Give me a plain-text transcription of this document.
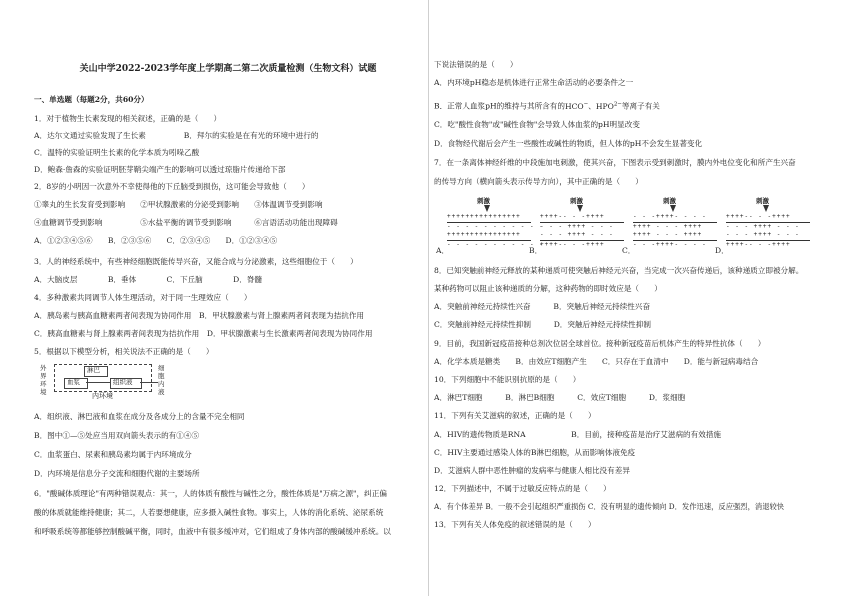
关山中学2022-2023学年度上学期高二第二次质量检测（生物文科）试题
一、单选题（每题2分，共60分）
1．对于植物生长素发现的相关叙述，正确的是（　　）
A．达尔文通过实验发现了生长素　　　　　B．拜尔的实验是在有光的环境中进行的
C．温特的实验证明生长素的化学本质为吲哚乙酸
D．鲍森·詹森的实验证明胚芽鞘尖端产生的影响可以透过琼脂片传递给下部
2．8岁的小明因一次意外不幸使得他的下丘脑受到损伤，这可能会导致他（　　）
①睾丸的生长发育受到影响　　②甲状腺激素的分泌受到影响　　③体温调节受到影响
④血糖调节受到影响　　　　　⑤水盐平衡的调节受到影响　　　⑥言语活动功能出现障碍
A．①②③④⑤⑥　　B．②③⑤⑥　　C．②③④⑤　　D．①②③④⑤
3．人的神经系统中，有些神经细胞既能传导兴奋，又能合成与分泌激素，这些细胞位于（　　）
A．大脑皮层　　　　B．垂体　　　　C．下丘脑　　　　D．脊髓
4．多种激素共同调节人体生理活动，对于同一生理效应（　　）
A．胰岛素与胰高血糖素两者间表现为协同作用　B．甲状腺激素与肾上腺素两者间表现为拮抗作用
C．胰高血糖素与肾上腺素两者间表现为拮抗作用　D．甲状腺激素与生长激素两者间表现为协同作用
5．根据以下模型分析，相关说法不正确的是（　　）
A．组织液、淋巴液和血浆在成分及各成分上的含量不完全相同
B．图中①—⑤处应当用双向箭头表示的有①④⑤
C．血浆蛋白、尿素和胰岛素均属于内环境成分
D．内环境是信息分子交流和细胞代谢的主要场所
6．"酸碱体质理论"有两种错误观点：其一，人的体质有酸性与碱性之分，酸性体质是"万病之源"，纠正偏
酸的体质就能维持健康；其二，人若要想健康，应多摄入碱性食物。事实上，人体的消化系统、泌尿系统
和呼吸系统等都能够控制酸碱平衡，同时，血液中有很多缓冲对，它们组成了身体内部的酸碱缓冲系统。以
外界环境
淋巴
血浆	组织液
内环境
细胞内液
下说法错误的是（　　）
A．内环境pH稳态是机体进行正常生命活动的必要条件之一
B．正常人血浆pH的维持与其所含有的HCO−、$HPO^{2-}$等离子有关
C．吃"酸性食物"或"碱性食物"会导致人体血浆的pH明显改变
D．食物经代谢后会产生一些酸性或碱性的物质，但人体的pH不会发生显著变化
7．在一条离体神经纤维的中段施加电刺激，使其兴奋，下图表示受到刺激时，膜内外电位变化和所产生兴奋
的传导方向（横向箭头表示传导方向），其中正确的是（　　）
8．已知突触前神经元释放的某种递质可使突触后神经元兴奋，当完成一次兴奋传递后，该种递质立即被分解。
某种药物可以阻止该种递质的分解，这种药物的即时效应是（　　）
A．突触前神经元持续性兴奋　　　B．突触后神经元持续性兴奋
C．突触前神经元持续性抑制　　　D．突触后神经元持续性抑制
9．目前，我国新冠疫苗接种总剂次位居全球首位。接种新冠疫苗后机体产生的特异性抗体（　　）
A．化学本质是糖类　　B．由效应T细胞产生　　C．只存在于血清中　　D．能与新冠病毒结合
10．下列细胞中不能识别抗原的是（　　）
A．淋巴T细胞　　　B．淋巴B细胞　　　C．效应T细胞　　　D．浆细胞
11．下列有关艾滋病的叙述，正确的是（　　）
A．HIV的遗传物质是RNA　　　　　　B．目前，接种疫苗是治疗艾滋病的有效措施
C．HIV主要通过感染人体的B淋巴细胞，从而影响体液免疫
D．艾滋病人群中恶性肿瘤的发病率与健康人相比没有差异
12．下列描述中，不属于过敏反应特点的是（　　）
A．有个体差异 B．一般不会引起组织严重损伤 C．没有明显的遗传倾向 D．发作迅速，反应强烈，消退较快
13．下列有关人体免疫的叙述错误的是（　　）
刺激
++++++++++++++++
- - - - - - - - - - -
++++++++++++++++
- - - - - - - - - - -
刺激
++++-- - -++++
- - - ++++ - - -
- - - ++++ - - -
++++-- - -++++
刺激
- - -++++- - - -
++++ - - - ++++
++++ - - - ++++
- - -++++- - - -
刺激
++++-- - -++++
- - - ++++ - - -
- - - ++++ - - -
++++-- - -++++
A．	B．	C．	D．
